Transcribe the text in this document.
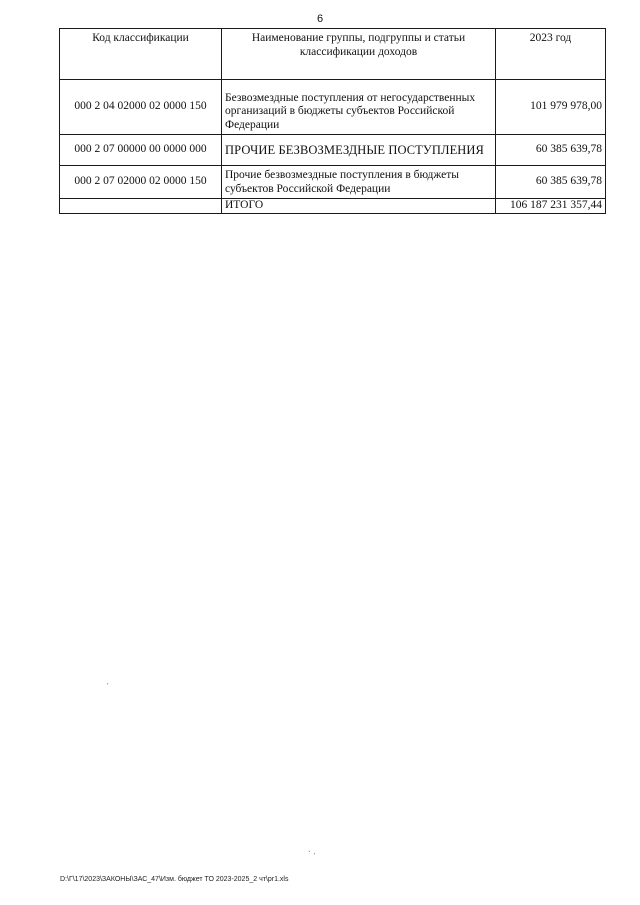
6
Код классификации	Наименование группы, подгруппы и статьи классификации доходов	2023 год
000 2 04 02000 02 0000 150	Безвозмездные поступления от негосударственных организаций в бюджеты субъектов Российской Федерации	101 979 978,00
000 2 07 00000 00 0000 000	ПРОЧИЕ БЕЗВОЗМЕЗДНЫЕ ПОСТУПЛЕНИЯ	60 385 639,78
000 2 07 02000 02 0000 150	Прочие безвозмездные поступления в бюджеты субъектов Российской Федерации	60 385 639,78
	ИТОГО	106 187 231 357,44
ˏ
˴ ˏ
D:\Г\17\2023\ЗАКОНЫ\ЗАС_47\Изм. бюджет ТО 2023-2025_2 чт\pr1.xls
